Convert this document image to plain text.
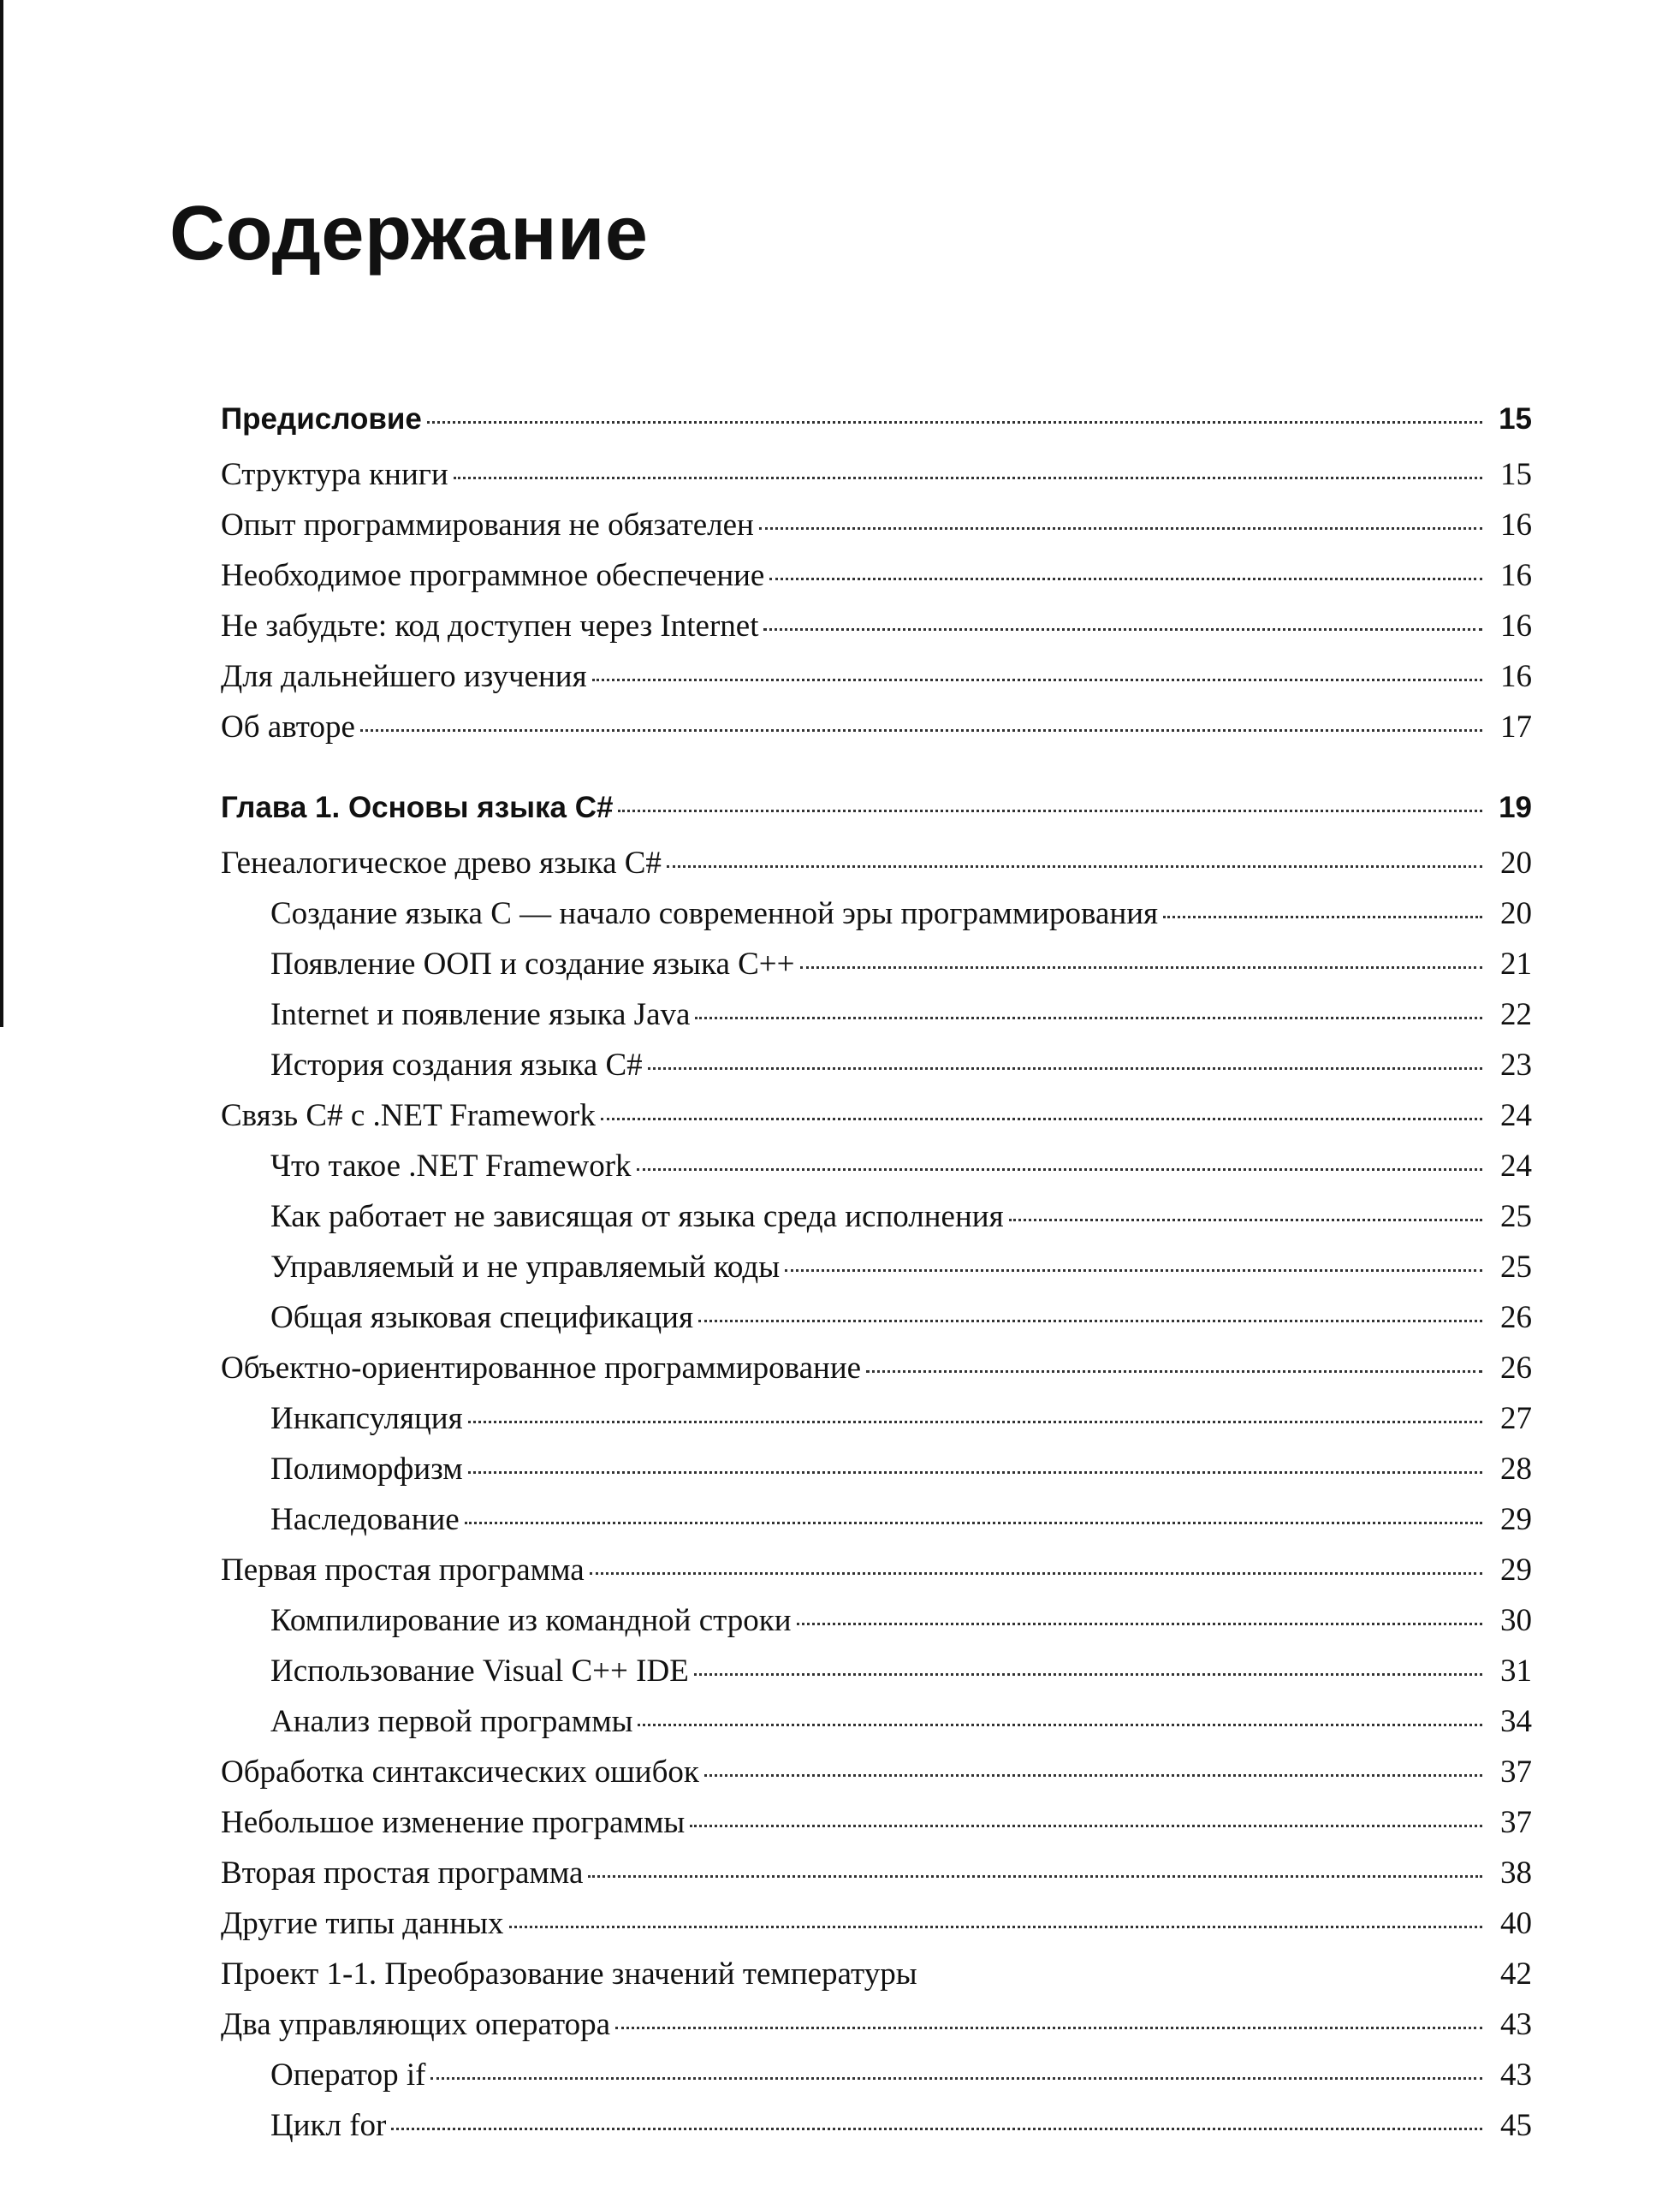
Содержание
Предисловие	15
Структура книги	15
Опыт программирования не обязателен	16
Необходимое программное обеспечение	16
Не забудьте: код доступен через Internet	16
Для дальнейшего изучения	16
Об авторе	17
Глава 1. Основы языка C#	19
Генеалогическое древо языка C#	20
Создание языка C — начало современной эры программирования	20
Появление ООП и создание языка C++	21
Internet и появление языка Java	22
История создания языка C#	23
Связь C# с .NET Framework	24
Что такое .NET Framework	24
Как работает не зависящая от языка среда исполнения	25
Управляемый и не управляемый коды	25
Общая языковая спецификация	26
Объектно-ориентированное программирование	26
Инкапсуляция	27
Полиморфизм	28
Наследование	29
Первая простая программа	29
Компилирование из командной строки	30
Использование Visual C++ IDE	31
Анализ первой программы	34
Обработка синтаксических ошибок	37
Небольшое изменение программы	37
Вторая простая программа	38
Другие типы данных	40
Проект 1-1. Преобразование значений температуры	42
Два управляющих оператора	43
Оператор if	43
Цикл for	45
